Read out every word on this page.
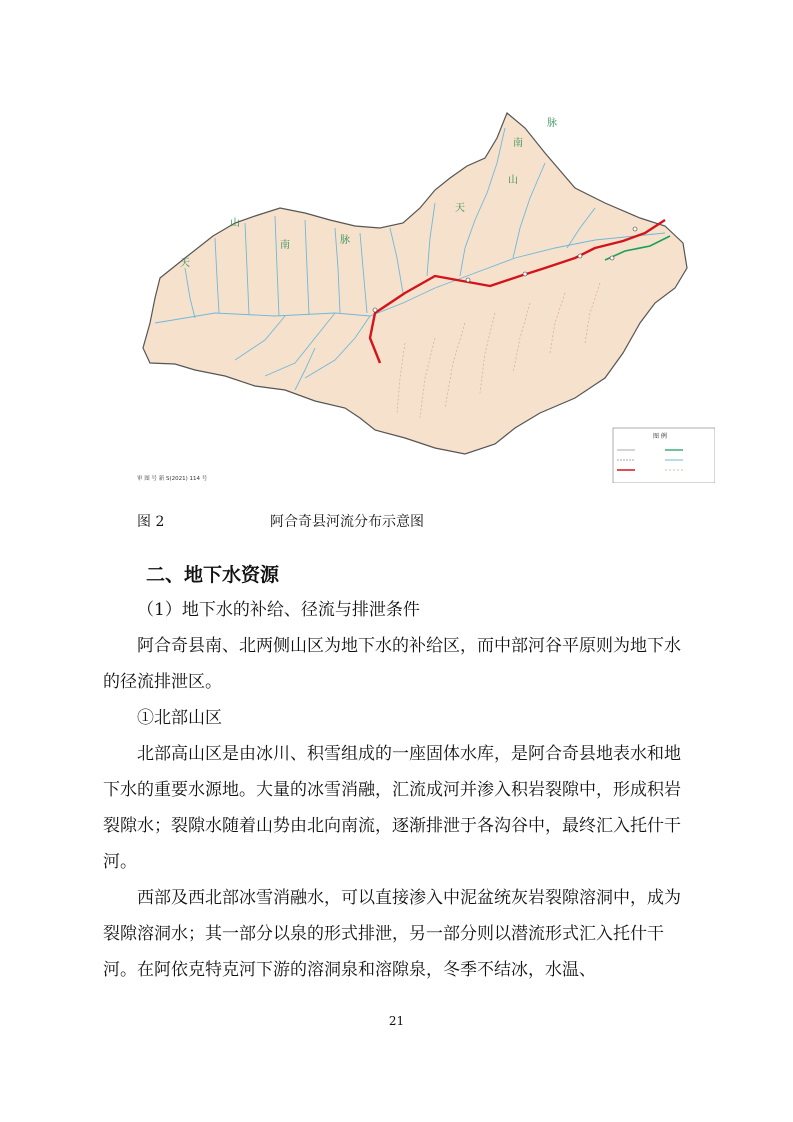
南
脉
天
山
山
天
南	脉
审 图 号 新 S(2021) 114 号
图 例
图 2	阿合奇县河流分布示意图
二、地下水资源
（1）地下水的补给、径流与排泄条件
阿合奇县南、北两侧山区为地下水的补给区，而中部河谷平原则为地下水的径流排泄区。
①北部山区
北部高山区是由冰川、积雪组成的一座固体水库，是阿合奇县地表水和地下水的重要水源地。大量的冰雪消融，汇流成河并渗入积岩裂隙中，形成积岩裂隙水；裂隙水随着山势由北向南流，逐渐排泄于各沟谷中，最终汇入托什干河。
西部及西北部冰雪消融水，可以直接渗入中泥盆统灰岩裂隙溶洞中，成为裂隙溶洞水；其一部分以泉的形式排泄，另一部分则以潜流形式汇入托什干河。在阿依克特克河下游的溶洞泉和溶隙泉，冬季不结冰，水温、
21
